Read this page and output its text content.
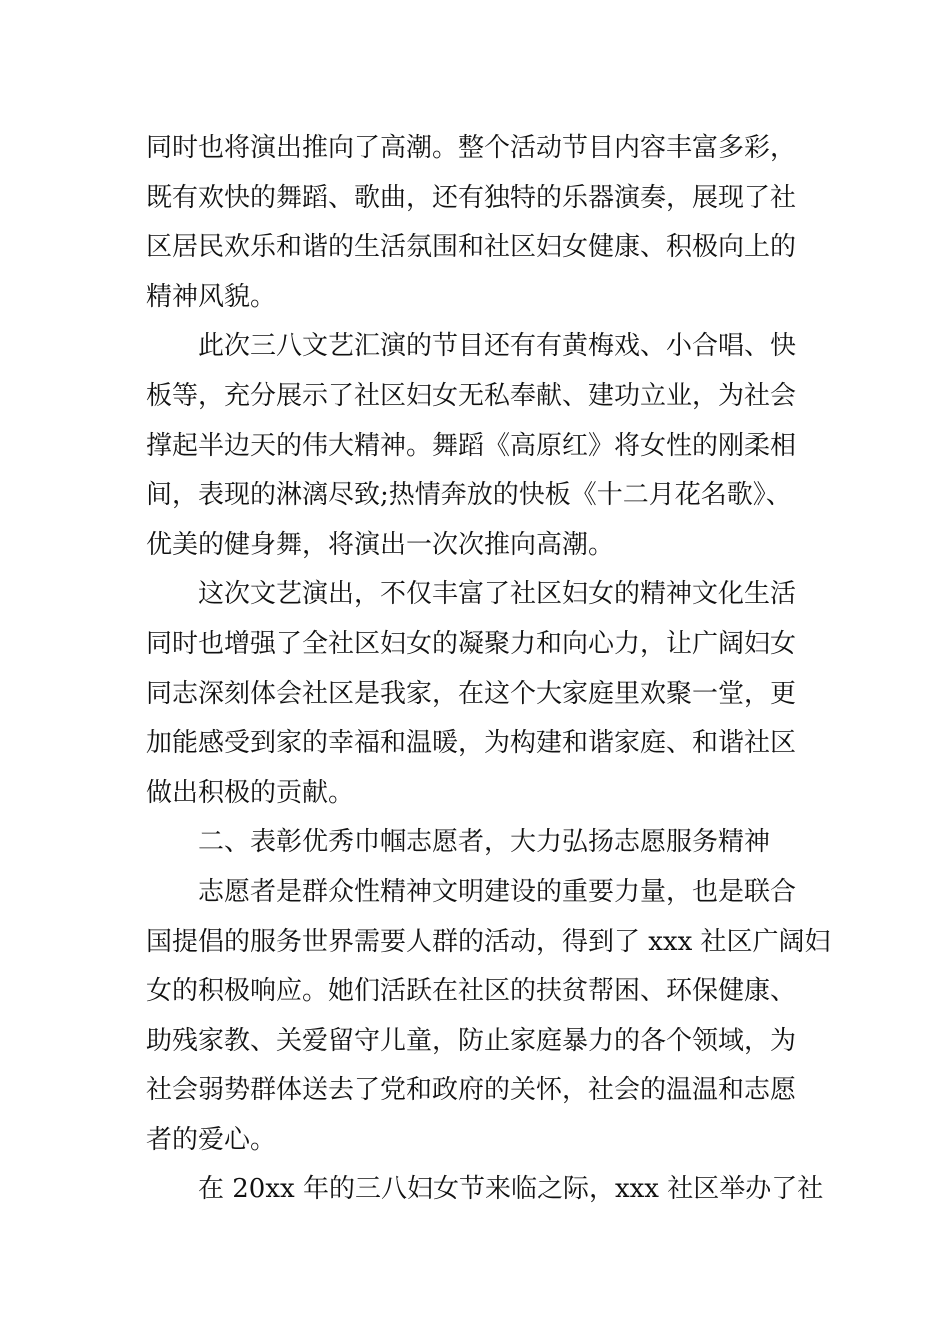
同时也将演出推向了高潮。整个活动节目内容丰富多彩，
既有欢快的舞蹈、歌曲，还有独特的乐器演奏，展现了社
区居民欢乐和谐的生活氛围和社区妇女健康、积极向上的
精神风貌。
此次三八文艺汇演的节目还有有黄梅戏、小合唱、快
板等，充分展示了社区妇女无私奉献、建功立业，为社会
撑起半边天的伟大精神。舞蹈《高原红》将女性的刚柔相
间，表现的淋漓尽致;热情奔放的快板《十二月花名歌》、
优美的健身舞，将演出一次次推向高潮。
这次文艺演出，不仅丰富了社区妇女的精神文化生活
同时也增强了全社区妇女的凝聚力和向心力，让广阔妇女
同志深刻体会社区是我家，在这个大家庭里欢聚一堂，更
加能感受到家的幸福和温暖，为构建和谐家庭、和谐社区
做出积极的贡献。
二、表彰优秀巾帼志愿者，大力弘扬志愿服务精神
志愿者是群众性精神文明建设的重要力量，也是联合
国提倡的服务世界需要人群的活动，得到了 xxx 社区广阔妇
女的积极响应。她们活跃在社区的扶贫帮困、环保健康、
助残家教、关爱留守儿童，防止家庭暴力的各个领域，为
社会弱势群体送去了党和政府的关怀，社会的温温和志愿
者的爱心。
在 20xx 年的三八妇女节来临之际，xxx 社区举办了社
